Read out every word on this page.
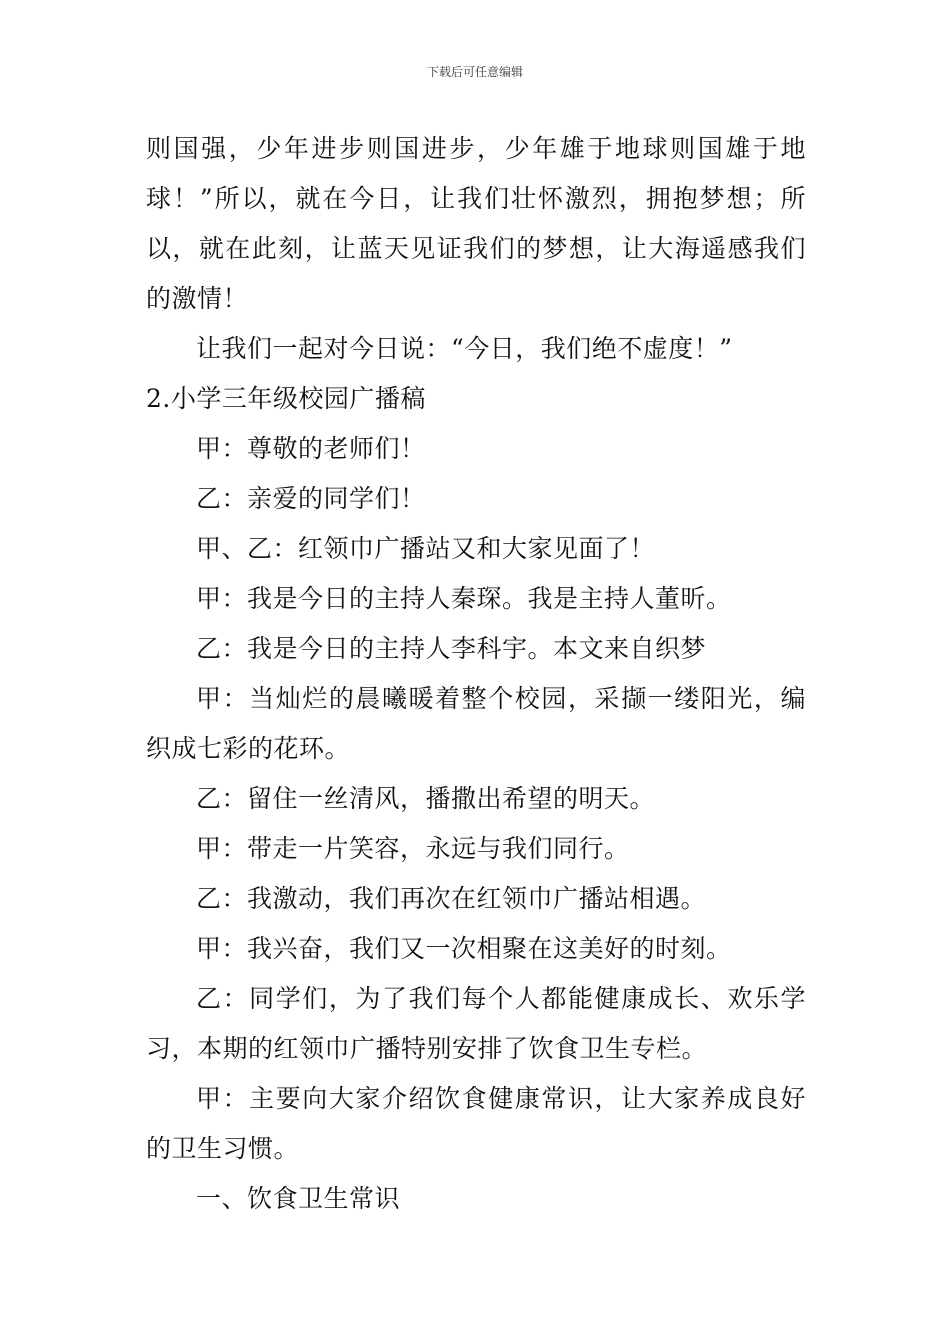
下载后可任意编辑

则国强，少年进步则国进步，少年雄于地球则国雄于地球！”所以，就在今日，让我们壮怀激烈，拥抱梦想；所以，就在此刻，让蓝天见证我们的梦想，让大海遥感我们的激情！

让我们一起对今日说：“今日，我们绝不虚度！”

2.小学三年级校园广播稿

甲：尊敬的老师们！

乙：亲爱的同学们！

甲、乙：红领巾广播站又和大家见面了！

甲：我是今日的主持人秦琛。我是主持人董昕。

乙：我是今日的主持人李科宇。本文来自织梦

甲：当灿烂的晨曦暖着整个校园，采撷一缕阳光，编织成七彩的花环。

乙：留住一丝清风，播撒出希望的明天。

甲：带走一片笑容，永远与我们同行。

乙：我激动，我们再次在红领巾广播站相遇。

甲：我兴奋，我们又一次相聚在这美好的时刻。

乙：同学们，为了我们每个人都能健康成长、欢乐学习，本期的红领巾广播特别安排了饮食卫生专栏。

甲：主要向大家介绍饮食健康常识，让大家养成良好的卫生习惯。

一、饮食卫生常识
